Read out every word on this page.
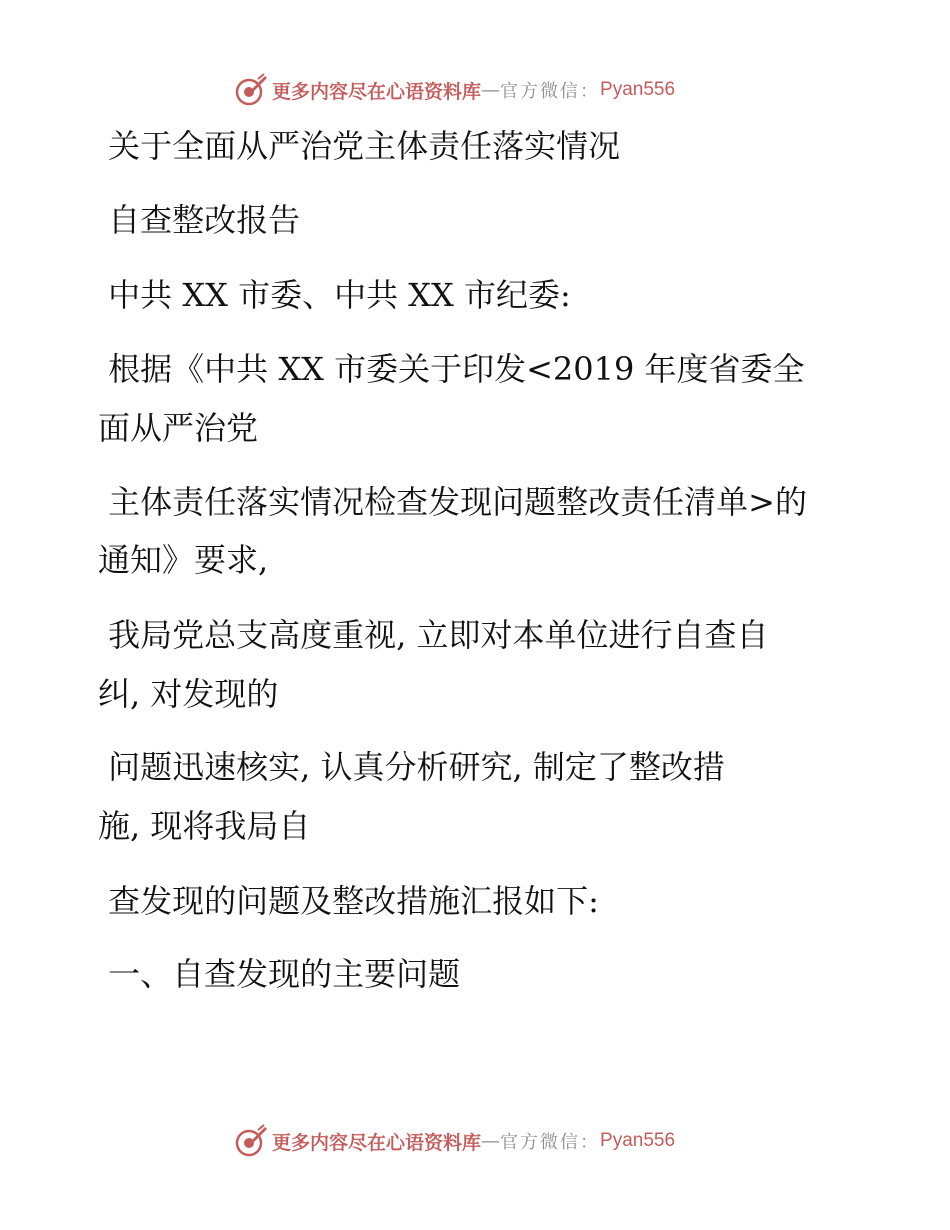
更多内容尽在心语资料库 — 官方微信： Pyan556
关于全面从严治党主体责任落实情况
自查整改报告
中共 XX 市委、中共 XX 市纪委:
根据《中共 XX 市委关于印发<2019 年度省委全
面从严治党
主体责任落实情况检查发现问题整改责任清单>的
通知》要求,
我局党总支高度重视, 立即对本单位进行自查自
纠, 对发现的
问题迅速核实, 认真分析研究, 制定了整改措
施, 现将我局自
查发现的问题及整改措施汇报如下:
一、自查发现的主要问题
更多内容尽在心语资料库 — 官方微信： Pyan556
